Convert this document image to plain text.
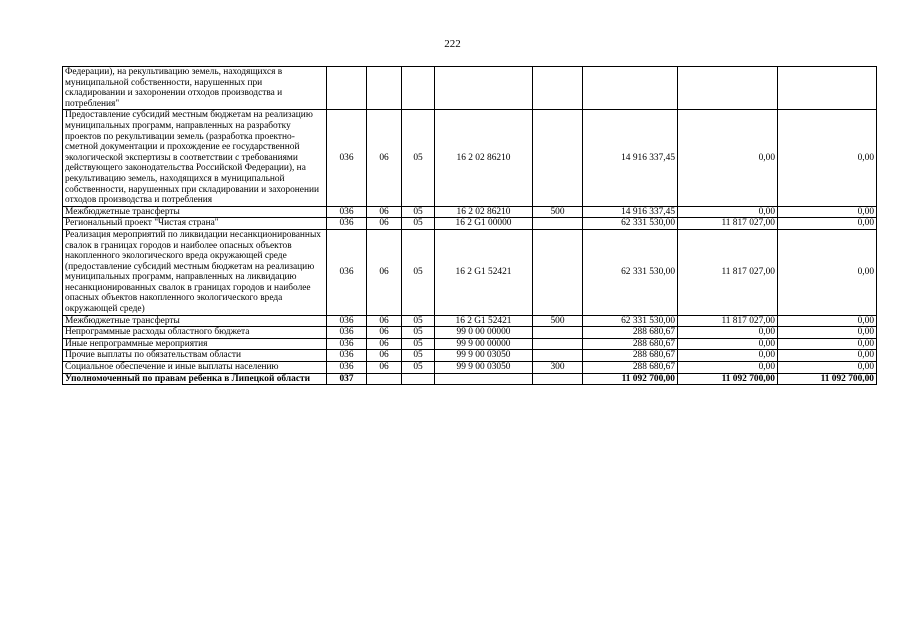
222
Федерации), на рекультивацию земель, находящихся в муниципальной собственности, нарушенных при складировании и захоронении отходов производства и потребления"								
Предоставление субсидий местным бюджетам на реализацию муниципальных программ, направленных на разработку проектов по рекультивации земель (разработка проектно-сметной документации и прохождение ее государственной экологической экспертизы в соответствии с требованиями действующего законодательства Российской Федерации), на рекультивацию земель, находящихся в муниципальной собственности, нарушенных при складировании и захоронении отходов производства и потребления	036	06	05	16 2 02 86210		14 916 337,45	0,00	0,00
Межбюджетные трансферты	036	06	05	16 2 02 86210	500	14 916 337,45	0,00	0,00
Региональный проект "Чистая страна"	036	06	05	16 2 G1 00000		62 331 530,00	11 817 027,00	0,00
Реализация мероприятий по ликвидации несанкционированных свалок в границах городов и наиболее опасных объектов накопленного экологического вреда окружающей среде (предоставление субсидий местным бюджетам на реализацию муниципальных программ, направленных на ликвидацию несанкционированных свалок в границах городов и наиболее опасных объектов накопленного экологического вреда окружающей среде)	036	06	05	16 2 G1 52421		62 331 530,00	11 817 027,00	0,00
Межбюджетные трансферты	036	06	05	16 2 G1 52421	500	62 331 530,00	11 817 027,00	0,00
Непрограммные расходы областного бюджета	036	06	05	99 0 00 00000		288 680,67	0,00	0,00
Иные непрограммные мероприятия	036	06	05	99 9 00 00000		288 680,67	0,00	0,00
Прочие выплаты по обязательствам области	036	06	05	99 9 00 03050		288 680,67	0,00	0,00
Социальное обеспечение и иные выплаты населению	036	06	05	99 9 00 03050	300	288 680,67	0,00	0,00
Уполномоченный по правам ребенка в Липецкой области	037					11 092 700,00	11 092 700,00	11 092 700,00
